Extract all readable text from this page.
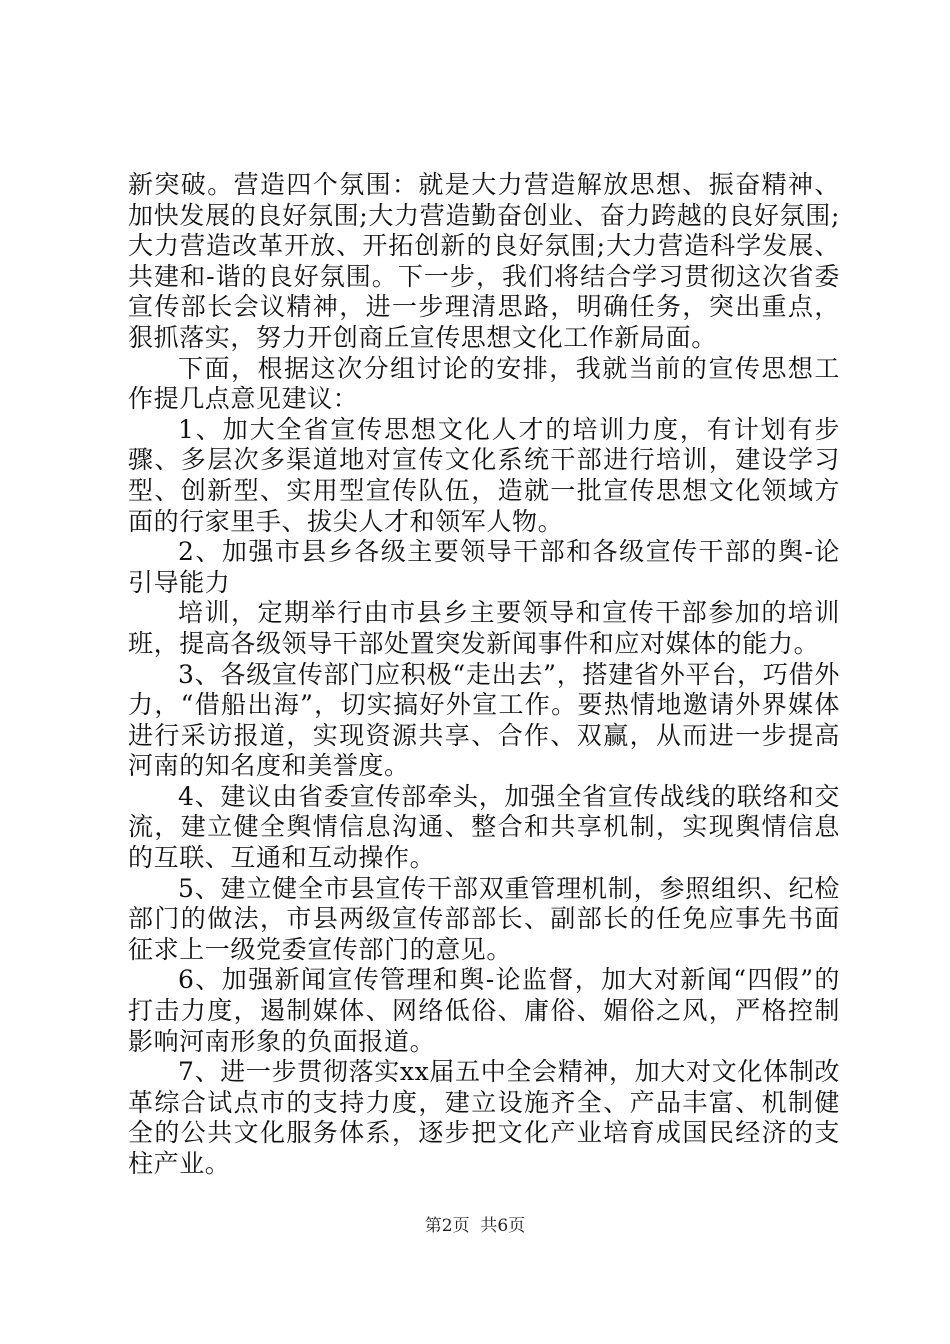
新突破。营造四个氛围：就是大力营造解放思想、振奋精神、加快发展的良好氛围;大力营造勤奋创业、奋力跨越的良好氛围;大力营造改革开放、开拓创新的良好氛围;大力营造科学发展、共建和-谐的良好氛围。下一步，我们将结合学习贯彻这次省委宣传部长会议精神，进一步理清思路，明确任务，突出重点，狠抓落实，努力开创商丘宣传思想文化工作新局面。

下面，根据这次分组讨论的安排，我就当前的宣传思想工作提几点意见建议：

1、加大全省宣传思想文化人才的培训力度，有计划有步骤、多层次多渠道地对宣传文化系统干部进行培训，建设学习型、创新型、实用型宣传队伍，造就一批宣传思想文化领域方面的行家里手、拔尖人才和领军人物。

2、加强市县乡各级主要领导干部和各级宣传干部的舆-论引导能力

培训，定期举行由市县乡主要领导和宣传干部参加的培训班，提高各级领导干部处置突发新闻事件和应对媒体的能力。

3、各级宣传部门应积极“走出去”，搭建省外平台，巧借外力，“借船出海”，切实搞好外宣工作。要热情地邀请外界媒体进行采访报道，实现资源共享、合作、双赢，从而进一步提高河南的知名度和美誉度。

4、建议由省委宣传部牵头，加强全省宣传战线的联络和交流，建立健全舆情信息沟通、整合和共享机制，实现舆情信息的互联、互通和互动操作。

5、建立健全市县宣传干部双重管理机制，参照组织、纪检部门的做法，市县两级宣传部部长、副部长的任免应事先书面征求上一级党委宣传部门的意见。

6、加强新闻宣传管理和舆-论监督，加大对新闻“四假”的打击力度，遏制媒体、网络低俗、庸俗、媚俗之风，严格控制影响河南形象的负面报道。

7、进一步贯彻落实xx届五中全会精神，加大对文化体制改革综合试点市的支持力度，建立设施齐全、产品丰富、机制健全的公共文化服务体系，逐步把文化产业培育成国民经济的支柱产业。

第2页  共6页
